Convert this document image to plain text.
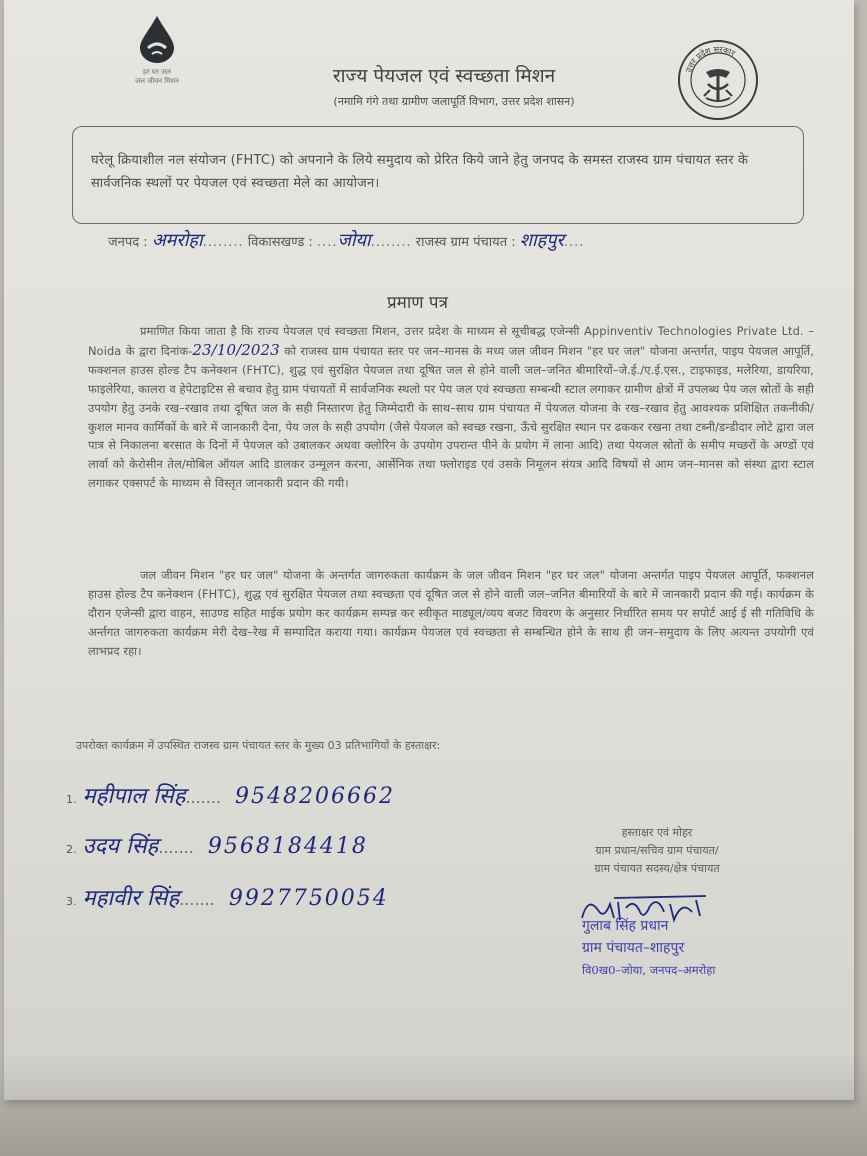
हर घर जल
जल जीवन मिशन	राज्य पेयजल एवं स्वच्छता मिशन
(नमामि गंगे तथा ग्रामीण जलापूर्ति विभाग, उत्तर प्रदेश शासन)
उत्तर प्रदेश सरकार
घरेलू क्रियाशील नल संयोजन (FHTC) को अपनाने के लिये समुदाय को प्रेरित किये जाने हेतु जनपद के समस्त राजस्व ग्राम पंचायत स्तर के सार्वजनिक स्थलों पर पेयजल एवं स्वच्छता मेले का आयोजन।
जनपद : अमरोहा........ विकासखण्ड : ....जोया........ राजस्व ग्राम पंचायत : शाहपुर....
प्रमाण पत्र
प्रमाणित किया जाता है कि राज्य पेयजल एवं स्वच्छता मिशन, उत्तर प्रदेश के माध्यम से सूचीबद्ध एजेन्सी Appinventiv Technologies Private Ltd. – Noida के द्वारा दिनांक-23/10/2023 को राजस्व ग्राम पंचायत स्तर पर जन–मानस के मध्य जल जीवन मिशन "हर घर जल" योजना अन्तर्गत, पाइप पेयजल आपूर्ति, फक्शनल हाउस होल्ड टैप कनेक्शन (FHTC), शुद्ध एवं सुरक्षित पेयजल तथा दूषित जल से होने वाली जल–जनित बीमारियों–जे.ई./ए.ई.एस., टाइफाइड, मलेरिया, डायरिया, फाइलेरिया, कालरा व हेपेटाइटिस से बचाव हेतु ग्राम पंचायतों में सार्वजनिक स्थलो पर पेय जल एवं स्वच्छता सम्बन्धी स्टाल लगाकर ग्रामीण क्षेत्रों में उपलब्ध पेय जल स्रोतों के सही उपयोग हेतु उनके रख–रखाव तथा दूषित जल के सही निस्तारण हेतु जिम्मेदारी के साथ–साथ ग्राम पंचायत में पेयजल योजना के रख–रखाव हेतु आवश्यक प्रशिक्षित तकनीकी/कुशल मानव कार्मिकों के बारे में जानकारी देना, पेय जल के सही उपयोग (जैसे पेयजल को स्वच्छ रखना, ऊँचे सुरक्षित स्थान पर ढककर रखना तथा टब्नी/डन्डीदार लोटे द्वारा जल पात्र से निकालना बरसात के दिनों में पेयजल को उबालकर अथवा क्लोरिन के उपयोग उपरान्त पीने के प्रयोग में लाना आदि) तथा पेयजल स्रोतों के समीप मच्छरों के अण्डों एवं लार्वा को केरोसीन तेल/मोबिल ऑयल आदि डालकर उन्मूलन करना, आर्सेनिक तथा फ्लोराइड एवं उसके निमूलन संयत्र आदि विषयों से आम जन–मानस को संस्था द्वारा स्टाल लगाकर एक्सपर्ट के माध्यम से विस्तृत जानकारी प्रदान की गयी।
जल जीवन मिशन "हर घर जल" योजना के अन्तर्गत जागरुकता कार्यक्रम के जल जीवन मिशन "हर घर जल" योजना अन्तर्गत पाइप पेयजल आपूर्ति, फक्शनल हाउस होल्ड टैप कनेक्शन (FHTC), शुद्ध एवं सुरक्षित पेयजल तथा स्वच्छता एवं दूषित जल से होने वाली जल–जनित बीमारियों के बारे में जानकारी प्रदान की गई। कार्यक्रम के दौरान एजेन्सी द्वारा वाहन, साउण्ड सहित माईक प्रयोग कर कार्यक्रम सम्पन्न कर स्वीकृत माड्यूल/व्यय बजट विवरण के अनुसार निर्धारित समय पर सपोर्ट आई ई सी गतिविधि के अर्न्तगत जागरुकता कार्यक्रम मेरी देख–रेख में सम्पादित कराया गया। कार्यक्रम पेयजल एवं स्वच्छता से सम्बन्धित होने के साथ ही जन–समुदाय के लिए अत्यन्त उपयोगी एवं लाभप्रद रहा।
उपरोक्त कार्यक्रम में उपस्थित राजस्व ग्राम पंचायत स्तर के मुख्य 03 प्रतिभागियों के हस्ताक्षर:
1. महीपाल सिंह....... 9548206662
2. उदय सिंह....... 9568184418
3. महावीर सिंह....... 9927750054
हस्ताक्षर एवं मोहर
ग्राम प्रधान/सचिव ग्राम पंचायत/
ग्राम पंचायत सदस्य/क्षेत्र पंचायत
गुलाब सिंह प्रधान
ग्राम पंचायत–शाहपुर
वि0ख0–जोया, जनपद–अमरोहा
